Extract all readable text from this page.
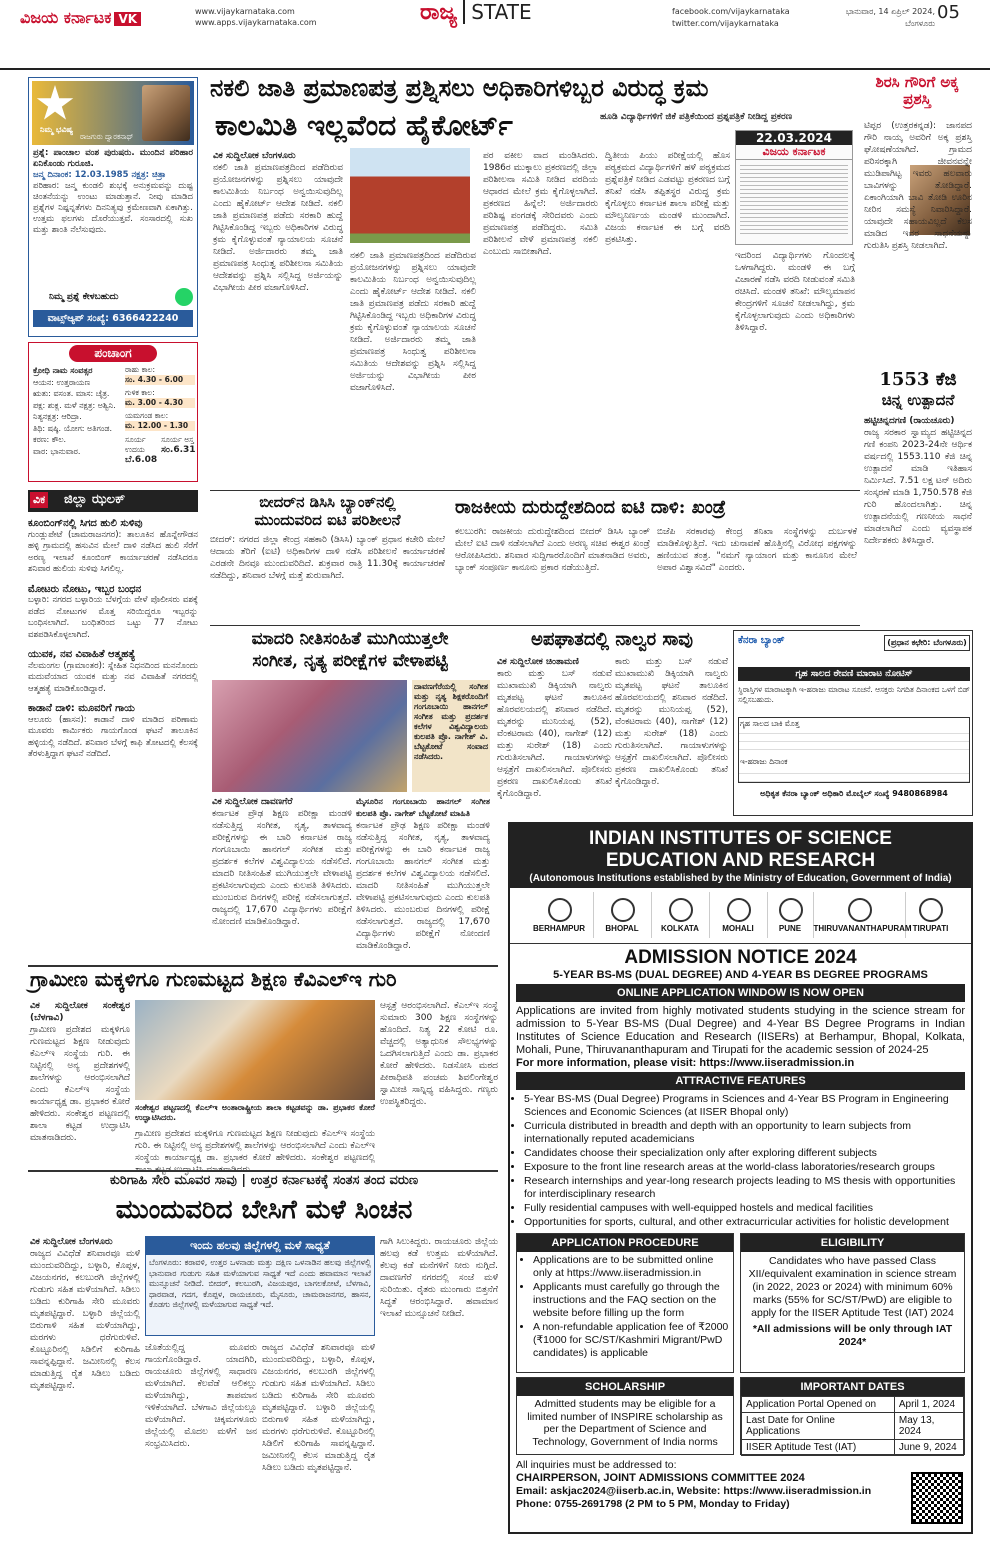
ವಿಜಯ ಕರ್ನಾಟಕ VK
www.vijaykarnataka.com
www.apps.vijaykarnataka.com	ರಾಜ್ಯ STATE	facebook.com/vijaykarnataka
twitter.com/vijaykarnataka
ಭಾನುವಾರ, 14 ಏಪ್ರಿಲ್ 2024,
ಬೆಂಗಳೂರು
05
ನಿಮ್ಮ ಭವಿಷ್ಯ
ರಾಜಗುರು ದ್ವಾರಕನಾಥ್
ಪ್ರಶ್ನೆ: ಪಾಂಚಾಲ ವಂಶ ಪುರುಷರು. ಮುಂದಿನ ಪರಿಹಾರ ಏನಿಕೊಂಡು ಗುರೂಜಿ.
ಜನ್ಮ ದಿನಾಂಕ: 12.03.1985 ನಕ್ಷತ್ರ: ಚಿತ್ರಾ
ಪರಿಹಾರ: ಜನ್ಮ ಕುಂಡಲಿ ಶುಭಕ್ಕೆ ಅನುಕ್ರಮವನ್ನು ದುಷ್ಟ ಚಿಂತನೆಯನ್ನು ಉಂಟು ಮಾಡುತ್ತಾನೆ. ನೀವು ಮಾಡಿದ ಪ್ರಶ್ನೆಗಳ ನಿಷ್ಪನ್ನತೆಗಳು ದಿನನಿತ್ಯವು ಕ್ರಮೇಣವಾಗಿ ಏಕಾಗಿತ್ತು. ಉತ್ತಮ ಫಲಗಳು ದೊರೆಯುತ್ತವೆ. ಸಂಸಾರದಲ್ಲಿ ಸುಖ ಮತ್ತು ಶಾಂತಿ ನೆಲೆಸುವುದು.
ನಿಮ್ಮ ಪ್ರಶ್ನೆ ಕೇಳಬಹುದು
ವಾಟ್ಸ್ಆ್ಯಪ್ ಸಂಖ್ಯೆ: 6366422240
ಪಂಚಾಂಗ
ಕ್ರೋಧಿ ನಾಮ ಸಂವತ್ಸರ
ಆಯನ: ಉತ್ತರಾಯಣ
ಋತು: ವಸಂತ. ಮಾಸ: ಚೈತ್ರ.
ಪಕ್ಷ: ಶುಕ್ಲ. ಮಳೆ ನಕ್ಷತ್ರ: ಅಶ್ವಿನಿ.
ನಿತ್ಯನಕ್ಷತ್ರ: ಆರಿದ್ರಾ.
ತಿಥಿ: ಷಷ್ಠಿ. ಯೋಗ: ಅತಿಗಂಡ.
ಕರಣ: ಕೌಲ.
ವಾರ: ಭಾನುವಾರ.
ರಾಹು ಕಾಲ:
ಸಂ. 4.30 - 6.00
ಗುಳಿಕ ಕಾಲ:
ಮ. 3.00 - 4.30
ಯಮಗಂಡ ಕಾಲ:
ಮ. 12.00 - 1.30
ಸೂರ್ಯ ಉದಯ
ಬೆ.6.08
ಸೂರ್ಯ ಅಸ್ತ
ಸಂ.6.31
ವಿಕ ಜಿಲ್ಲಾ ಝಲಕ್
ಕೂಂಬಿಂಗ್‌ನಲ್ಲಿ ಸಿಗದ ಹುಲಿ ಸುಳಿವು
ಗುಂಡ್ಲುಪೇಟೆ (ಚಾಮರಾಜನಗರ): ತಾಲೂಕಿನ ಹೊನ್ನೇಗೌಡನ ಹಳ್ಳಿ ಗ್ರಾಮದಲ್ಲಿ ಹಸುವಿನ ಮೇಲೆ ದಾಳಿ ನಡೆಸಿದ ಹುಲಿ ಸೆರೆಗೆ ಅರಣ್ಯ ಇಲಾಖೆ ಕೂಂಬಿಂಗ್ ಕಾರ್ಯಾಚರಣೆ ನಡೆಸಿದರೂ ಶನಿವಾರ ಹುಲಿಯ ಸುಳಿವು ಸಿಗಲಿಲ್ಲ.
ಮೋಟರು ನೋಟು, ಇಬ್ಬರ ಬಂಧನ
ಬಳ್ಳಾರಿ: ನಗರದ ಬಳ್ಳಾರಿಯ ಬೆಳಗ್ಗೆಯ ವೇಳೆ ಪೊಲೀಸರು ವಶಕ್ಕೆ ಪಡೆದ ನೋಟುಗಳ ಮೊತ್ತ ಸರಿಯಿದ್ದರೂ ಇಬ್ಬರನ್ನು ಬಂಧಿಸಲಾಗಿದೆ. ಬಂಧಿತರಿಂದ ಒಟ್ಟು 77 ನೋಟು ವಶಪಡಿಸಿಕೊಳ್ಳಲಾಗಿದೆ.
ಯುವಕ, ನವ ವಿವಾಹಿತೆ ಆತ್ಮಹತ್ಯೆ
ನೆಲಮಂಗಲ (ಗ್ರಾಮಾಂತರ): ಸ್ನೇಹಿತ ನಿಧನದಿಂದ ಮನನೊಂದು ಮದುವೆಯಾದ ಯುವಕ ಮತ್ತು ನವ ವಿವಾಹಿತೆ ನಗರದಲ್ಲಿ ಆತ್ಮಹತ್ಯೆ ಮಾಡಿಕೊಂಡಿದ್ದಾರೆ.
ಕಾಡಾನೆ ದಾಳಿ: ಮೂವರಿಗೆ ಗಾಯ
ಆಲೂರು (ಹಾಸನ): ಕಾಡಾನೆ ದಾಳಿ ಮಾಡಿದ ಪರಿಣಾಮ ಮೂವರು ಕಾರ್ಮಿಕರು ಗಾಯಗೊಂಡ ಘಟನೆ ತಾಲೂಕಿನ ಹಳ್ಳಿಯಲ್ಲಿ ನಡೆದಿದೆ. ಶನಿವಾರ ಬೆಳಗ್ಗೆ ಕಾಫಿ ತೋಟದಲ್ಲಿ ಕೆಲಸಕ್ಕೆ ತೆರಳುತ್ತಿದ್ದಾಗ ಘಟನೆ ನಡೆದಿದೆ.
ನಕಲಿ ಜಾತಿ ಪ್ರಮಾಣಪತ್ರ ಪ್ರಶ್ನಿಸಲು ಅಧಿಕಾರಿಗಳಿಬ್ಬರ ವಿರುದ್ಧ ಕ್ರಮ
ಕಾಲಮಿತಿ ಇಲ್ಲವೆಂದ ಹೈಕೋರ್ಟ್	ಹೂಡಿ ವಿದ್ಯಾರ್ಥಿಗಳಿಗೆ ಜಿಕೆ ಪತ್ರಿಕೆಯಿಂದ ಪ್ರಶ್ನಪತ್ರಿಕೆ ನೀಡಿದ್ದ ಪ್ರಕರಣ
ವಿಕ ಸುದ್ದಿಲೋಕ ಬೆಂಗಳೂರು
ನಕಲಿ ಜಾತಿ ಪ್ರಮಾಣಪತ್ರದಿಂದ ಪಡೆದಿರುವ ಪ್ರಯೋಜನಗಳನ್ನು ಪ್ರಶ್ನಿಸಲು ಯಾವುದೇ ಕಾಲಮಿತಿಯ ನಿರ್ಬಂಧ ಅನ್ವಯಿಸುವುದಿಲ್ಲ ಎಂದು ಹೈಕೋರ್ಟ್ ಆದೇಶ ನೀಡಿದೆ. ನಕಲಿ ಜಾತಿ ಪ್ರಮಾಣಪತ್ರ ಪಡೆದು ಸರಕಾರಿ ಹುದ್ದೆ ಗಿಟ್ಟಿಸಿಕೊಂಡಿದ್ದ ಇಬ್ಬರು ಅಧಿಕಾರಿಗಳ ವಿರುದ್ಧ ಕ್ರಮ ಕೈಗೊಳ್ಳುವಂತೆ ನ್ಯಾಯಾಲಯ ಸೂಚನೆ ನೀಡಿದೆ. ಅರ್ಜಿದಾರರು ತಮ್ಮ ಜಾತಿ ಪ್ರಮಾಣಪತ್ರ ಸಿಂಧುತ್ವ ಪರಿಶೀಲನಾ ಸಮಿತಿಯ ಆದೇಶವನ್ನು ಪ್ರಶ್ನಿಸಿ ಸಲ್ಲಿಸಿದ್ದ ಅರ್ಜಿಯನ್ನು ವಿಭಾಗೀಯ ಪೀಠ ವಜಾಗೊಳಿಸಿದೆ.
ನಕಲಿ ಜಾತಿ ಪ್ರಮಾಣಪತ್ರದಿಂದ ಪಡೆದಿರುವ ಪ್ರಯೋಜನಗಳನ್ನು ಪ್ರಶ್ನಿಸಲು ಯಾವುದೇ ಕಾಲಮಿತಿಯ ನಿರ್ಬಂಧ ಅನ್ವಯಿಸುವುದಿಲ್ಲ ಎಂದು ಹೈಕೋರ್ಟ್ ಆದೇಶ ನೀಡಿದೆ. ನಕಲಿ ಜಾತಿ ಪ್ರಮಾಣಪತ್ರ ಪಡೆದು ಸರಕಾರಿ ಹುದ್ದೆ ಗಿಟ್ಟಿಸಿಕೊಂಡಿದ್ದ ಇಬ್ಬರು ಅಧಿಕಾರಿಗಳ ವಿರುದ್ಧ ಕ್ರಮ ಕೈಗೊಳ್ಳುವಂತೆ ನ್ಯಾಯಾಲಯ ಸೂಚನೆ ನೀಡಿದೆ. ಅರ್ಜಿದಾರರು ತಮ್ಮ ಜಾತಿ ಪ್ರಮಾಣಪತ್ರ ಸಿಂಧುತ್ವ ಪರಿಶೀಲನಾ ಸಮಿತಿಯ ಆದೇಶವನ್ನು ಪ್ರಶ್ನಿಸಿ ಸಲ್ಲಿಸಿದ್ದ ಅರ್ಜಿಯನ್ನು ವಿಭಾಗೀಯ ಪೀಠ ವಜಾಗೊಳಿಸಿದೆ.
ಪರ ವಕೀಲ ವಾದ ಮಂಡಿಸಿದರು. 1986ರ ಮುಕ್ಕಾಲು ಪ್ರಕರಣದಲ್ಲಿ ಜಿಲ್ಲಾ ಪರಿಶೀಲನಾ ಸಮಿತಿ ನೀಡಿದ ವರದಿಯ ಆಧಾರದ ಮೇಲೆ ಕ್ರಮ ಕೈಗೊಳ್ಳಲಾಗಿದೆ. ಪ್ರಕರಣದ ಹಿನ್ನೆಲೆ: ಅರ್ಜಿದಾರರು ಪರಿಶಿಷ್ಟ ಪಂಗಡಕ್ಕೆ ಸೇರಿದವರು ಎಂದು ಪ್ರಮಾಣಪತ್ರ ಪಡೆದಿದ್ದರು. ಸಮಿತಿ ಪರಿಶೀಲನೆ ವೇಳೆ ಪ್ರಮಾಣಪತ್ರ ನಕಲಿ ಎಂಬುದು ಸಾಬೀತಾಗಿದೆ.
ದ್ವಿತೀಯ ಪಿಯು ಪರೀಕ್ಷೆಯಲ್ಲಿ ಹೊಸ ಪಠ್ಯಕ್ರಮದ ವಿದ್ಯಾರ್ಥಿಗಳಿಗೆ ಹಳೆ ಪಠ್ಯಕ್ರಮದ ಪ್ರಶ್ನೆಪತ್ರಿಕೆ ನೀಡಿದ ಎಡವಟ್ಟು ಪ್ರಕರಣದ ಬಗ್ಗೆ ತನಿಖೆ ನಡೆಸಿ ತಪ್ಪಿತಸ್ಥರ ವಿರುದ್ಧ ಕ್ರಮ ಕೈಗೊಳ್ಳಲು ಕರ್ನಾಟಕ ಶಾಲಾ ಪರೀಕ್ಷೆ ಮತ್ತು ಮೌಲ್ಯನಿರ್ಣಯ ಮಂಡಳಿ ಮುಂದಾಗಿದೆ. ವಿಜಯ ಕರ್ನಾಟಕ ಈ ಬಗ್ಗೆ ವರದಿ ಪ್ರಕಟಿಸಿತ್ತು.
22.03.2024
ವಿಜಯ ಕರ್ನಾಟಕ
ಇದರಿಂದ ವಿದ್ಯಾರ್ಥಿಗಳು ಗೊಂದಲಕ್ಕೆ ಒಳಗಾಗಿದ್ದರು. ಮಂಡಳಿ ಈ ಬಗ್ಗೆ ವಿಚಾರಣೆ ನಡೆಸಿ ವರದಿ ನೀಡುವಂತೆ ಸಮಿತಿ ರಚಿಸಿದೆ. ಮಂಡಳಿ ತನಿಖೆ: ಮೌಲ್ಯಮಾಪನ ಕೇಂದ್ರಗಳಿಗೆ ಸೂಚನೆ ನೀಡಲಾಗಿದ್ದು, ಕ್ರಮ ಕೈಗೊಳ್ಳಲಾಗುವುದು ಎಂದು ಅಧಿಕಾರಿಗಳು ತಿಳಿಸಿದ್ದಾರೆ.
ಶಿರಸಿ ಗೌರಿಗೆ ಅಕ್ಕ ಪ್ರಶಸ್ತಿ
ಟಿಪ್ಪರ (ಉತ್ತರಕನ್ನಡ): ಜಾನಪದ ಗೌರಿ ನಾಯ್ಕ ಅವರಿಗೆ ಅಕ್ಕ ಪ್ರಶಸ್ತಿ ಘೋಷಣೆಯಾಗಿದೆ. ಗ್ರಾಮದ ಪರಿಸರಕ್ಕಾಗಿ ಜೀವನವನ್ನೇ ಮುಡಿಪಾಗಿಟ್ಟ ಇವರು ಹಲವಾರು ಬಾವಿಗಳನ್ನು ತೋಡಿದ್ದಾರೆ. ಏಕಾಂಗಿಯಾಗಿ ಬಾವಿ ತೋಡಿ ಊರಿನ ನೀರಿನ ಸಮಸ್ಯೆ ನಿವಾರಿಸಿದ್ದಾರೆ. ಯಾವುದೇ ಸಹಾಯವಿಲ್ಲದೆ ಕೆಲಸ ಮಾಡಿದ ಇವರ ಸಾಧನೆಯನ್ನು ಗುರುತಿಸಿ ಪ್ರಶಸ್ತಿ ನೀಡಲಾಗಿದೆ.
1553 ಕೆಜಿ
ಚಿನ್ನ ಉತ್ಪಾದನೆ
ಹಟ್ಟಿಚಿನ್ನದಗಣಿ (ರಾಯಚೂರು)
ರಾಜ್ಯ ಸರಕಾರ ಸ್ವಾಮ್ಯದ ಹಟ್ಟಿಚಿನ್ನದ ಗಣಿ ಕಂಪನಿ 2023-24ನೇ ಆರ್ಥಿಕ ವರ್ಷದಲ್ಲಿ 1553.110 ಕೆಜಿ ಚಿನ್ನ ಉತ್ಪಾದನೆ ಮಾಡಿ ಇತಿಹಾಸ ನಿರ್ಮಿಸಿದೆ. 7.51 ಲಕ್ಷ ಟನ್ ಅದಿರು ಸಂಸ್ಕರಣೆ ಮಾಡಿ 1,750.578 ಕೆಜಿ ಗುರಿ ಹೊಂದಲಾಗಿತ್ತು. ಚಿನ್ನ ಉತ್ಪಾದನೆಯಲ್ಲಿ ಗಣನೀಯ ಸಾಧನೆ ಮಾಡಲಾಗಿದೆ ಎಂದು ವ್ಯವಸ್ಥಾಪಕ ನಿರ್ದೇಶಕರು ತಿಳಿಸಿದ್ದಾರೆ.
ಬೀದರ್‌ನ ಡಿಸಿಸಿ ಬ್ಯಾಂಕ್‌ನಲ್ಲಿ
ಮುಂದುವರಿದ ಐಟಿ ಪರಿಶೀಲನೆ
ಬೀದರ್: ನಗರದ ಜಿಲ್ಲಾ ಕೇಂದ್ರ ಸಹಕಾರಿ (ಡಿಸಿಸಿ) ಬ್ಯಾಂಕ್ ಪ್ರಧಾನ ಕಚೇರಿ ಮೇಲೆ ಆದಾಯ ತೆರಿಗೆ (ಐಟಿ) ಅಧಿಕಾರಿಗಳ ದಾಳಿ ನಡೆಸಿ ಪರಿಶೀಲನೆ ಕಾರ್ಯಾಚರಣೆ ಎರಡನೇ ದಿನವೂ ಮುಂದುವರಿದಿದೆ. ಶುಕ್ರವಾರ ರಾತ್ರಿ 11.30ಕ್ಕೆ ಕಾರ್ಯಾಚರಣೆ ನಡೆದಿದ್ದು, ಶನಿವಾರ ಬೆಳಗ್ಗೆ ಮತ್ತೆ ಶುರುವಾಗಿದೆ.
ರಾಜಕೀಯ ದುರುದ್ದೇಶದಿಂದ ಐಟಿ ದಾಳಿ: ಖಂಡ್ರೆ
ಕಲಬುರಗಿ: ರಾಜಕೀಯ ದುರುದ್ದೇಶದಿಂದ ಬೀದರ್ ಡಿಸಿಸಿ ಬ್ಯಾಂಕ್ ಮೇಲೆ ಐಟಿ ದಾಳಿ ನಡೆಸಲಾಗಿದೆ ಎಂದು ಅರಣ್ಯ ಸಚಿವ ಈಶ್ವರ ಖಂಡ್ರೆ ಆರೋಪಿಸಿದರು. ಶನಿವಾರ ಸುದ್ದಿಗಾರರೊಂದಿಗೆ ಮಾತನಾಡಿದ ಅವರು, ಬ್ಯಾಂಕ್ ಸಂಪೂರ್ಣ ಕಾನೂನು ಪ್ರಕಾರ ನಡೆಯುತ್ತಿದೆ.
ಬಿಜೆಪಿ ಸರಕಾರವು ಕೇಂದ್ರ ತನಿಖಾ ಸಂಸ್ಥೆಗಳನ್ನು ದುರ್ಬಳಕೆ ಮಾಡಿಕೊಳ್ಳುತ್ತಿದೆ. ಇದು ಚುನಾವಣೆ ಹೊತ್ತಿನಲ್ಲಿ ವಿರೋಧ ಪಕ್ಷಗಳನ್ನು ಹಣಿಯುವ ತಂತ್ರ. "ನಮಗೆ ನ್ಯಾಯಾಂಗ ಮತ್ತು ಕಾನೂನಿನ ಮೇಲೆ ಅಪಾರ ವಿಶ್ವಾಸವಿದೆ" ಎಂದರು.
ಮಾದರಿ ನೀತಿಸಂಹಿತೆ ಮುಗಿಯುತ್ತಲೇ
ಸಂಗೀತ, ನೃತ್ಯ ಪರೀಕ್ಷೆಗಳ ವೇಳಾಪಟ್ಟಿ
ದಾವಣಗೆರೆಯಲ್ಲಿ ಸಂಗೀತ ಮತ್ತು ನೃತ್ಯ ಶಿಕ್ಷಕರೊಂದಿಗೆ ಗಂಗೂಬಾಯಿ ಹಾನಗಲ್ ಸಂಗೀತ ಮತ್ತು ಪ್ರದರ್ಶಕ ಕಲೆಗಳ ವಿಶ್ವವಿದ್ಯಾಲಯ ಕುಲಪತಿ ಪ್ರೊ. ನಾಗೇಶ್ ವಿ. ಬೆಟ್ಟಕೋಟೆ ಸಂವಾದ ನಡೆಸಿದರು.
ವಿಕ ಸುದ್ದಿಲೋಕ ದಾವಣಗೆರೆ
ಕರ್ನಾಟಕ ಪ್ರೌಢ ಶಿಕ್ಷಣ ಪರೀಕ್ಷಾ ಮಂಡಳಿ ನಡೆಸುತ್ತಿದ್ದ ಸಂಗೀತ, ನೃತ್ಯ, ತಾಳವಾದ್ಯ ಪರೀಕ್ಷೆಗಳನ್ನು ಈ ಬಾರಿ ಕರ್ನಾಟಕ ರಾಜ್ಯ ಗಂಗೂಬಾಯಿ ಹಾನಗಲ್ ಸಂಗೀತ ಮತ್ತು ಪ್ರದರ್ಶಕ ಕಲೆಗಳ ವಿಶ್ವವಿದ್ಯಾಲಯ ನಡೆಸಲಿದೆ. ಮಾದರಿ ನೀತಿಸಂಹಿತೆ ಮುಗಿಯುತ್ತಲೇ ವೇಳಾಪಟ್ಟಿ ಪ್ರಕಟಿಸಲಾಗುವುದು ಎಂದು ಕುಲಪತಿ ತಿಳಿಸಿದರು. ಮುಂಬರುವ ದಿನಗಳಲ್ಲಿ ಪರೀಕ್ಷೆ ನಡೆಸಲಾಗುತ್ತದೆ. ರಾಜ್ಯದಲ್ಲಿ 17,670 ವಿದ್ಯಾರ್ಥಿಗಳು ಪರೀಕ್ಷೆಗೆ ನೋಂದಣಿ ಮಾಡಿಕೊಂಡಿದ್ದಾರೆ.
ಮೈಸೂರಿನ ಗಂಗೂಬಾಯಿ ಹಾನಗಲ್ ಸಂಗೀತ ಕುಲಪತಿ ಪ್ರೊ. ನಾಗೇಶ್ ಬೆಟ್ಟಕೋಟೆ ಮಾಹಿತಿ
ಕರ್ನಾಟಕ ಪ್ರೌಢ ಶಿಕ್ಷಣ ಪರೀಕ್ಷಾ ಮಂಡಳಿ ನಡೆಸುತ್ತಿದ್ದ ಸಂಗೀತ, ನೃತ್ಯ, ತಾಳವಾದ್ಯ ಪರೀಕ್ಷೆಗಳನ್ನು ಈ ಬಾರಿ ಕರ್ನಾಟಕ ರಾಜ್ಯ ಗಂಗೂಬಾಯಿ ಹಾನಗಲ್ ಸಂಗೀತ ಮತ್ತು ಪ್ರದರ್ಶಕ ಕಲೆಗಳ ವಿಶ್ವವಿದ್ಯಾಲಯ ನಡೆಸಲಿದೆ. ಮಾದರಿ ನೀತಿಸಂಹಿತೆ ಮುಗಿಯುತ್ತಲೇ ವೇಳಾಪಟ್ಟಿ ಪ್ರಕಟಿಸಲಾಗುವುದು ಎಂದು ಕುಲಪತಿ ತಿಳಿಸಿದರು. ಮುಂಬರುವ ದಿನಗಳಲ್ಲಿ ಪರೀಕ್ಷೆ ನಡೆಸಲಾಗುತ್ತದೆ. ರಾಜ್ಯದಲ್ಲಿ 17,670 ವಿದ್ಯಾರ್ಥಿಗಳು ಪರೀಕ್ಷೆಗೆ ನೋಂದಣಿ ಮಾಡಿಕೊಂಡಿದ್ದಾರೆ.
ಅಪಘಾತದಲ್ಲಿ ನಾಲ್ವರ ಸಾವು
ವಿಕ ಸುದ್ದಿಲೋಕ ಚಿಂತಾಮಣಿ
ಕಾರು ಮತ್ತು ಬಸ್ ನಡುವೆ ಮುಖಾಮುಖಿ ಡಿಕ್ಕಿಯಾಗಿ ನಾಲ್ವರು ಮೃತಪಟ್ಟ ಘಟನೆ ತಾಲೂಕಿನ ಹೊರವಲಯದಲ್ಲಿ ಶನಿವಾರ ನಡೆದಿದೆ. ಮೃತರನ್ನು ಮುನಿಯಪ್ಪ (52), ವೆಂಕಟರಾಮ (40), ನಾಗೇಶ್ (12) ಮತ್ತು ಸುರೇಶ್ (18) ಎಂದು ಗುರುತಿಸಲಾಗಿದೆ. ಗಾಯಾಳುಗಳನ್ನು ಆಸ್ಪತ್ರೆಗೆ ದಾಖಲಿಸಲಾಗಿದೆ. ಪೊಲೀಸರು ಪ್ರಕರಣ ದಾಖಲಿಸಿಕೊಂಡು ತನಿಖೆ ಕೈಗೊಂಡಿದ್ದಾರೆ.
ಕಾರು ಮತ್ತು ಬಸ್ ನಡುವೆ ಮುಖಾಮುಖಿ ಡಿಕ್ಕಿಯಾಗಿ ನಾಲ್ವರು ಮೃತಪಟ್ಟ ಘಟನೆ ತಾಲೂಕಿನ ಹೊರವಲಯದಲ್ಲಿ ಶನಿವಾರ ನಡೆದಿದೆ. ಮೃತರನ್ನು ಮುನಿಯಪ್ಪ (52), ವೆಂಕಟರಾಮ (40), ನಾಗೇಶ್ (12) ಮತ್ತು ಸುರೇಶ್ (18) ಎಂದು ಗುರುತಿಸಲಾಗಿದೆ. ಗಾಯಾಳುಗಳನ್ನು ಆಸ್ಪತ್ರೆಗೆ ದಾಖಲಿಸಲಾಗಿದೆ. ಪೊಲೀಸರು ಪ್ರಕರಣ ದಾಖಲಿಸಿಕೊಂಡು ತನಿಖೆ ಕೈಗೊಂಡಿದ್ದಾರೆ.
ಕೆನರಾ ಬ್ಯಾಂಕ್	(ಪ್ರಧಾನ ಕಛೇರಿ: ಬೆಂಗಳೂರು)
ಗೃಹ ಸಾಲದ ಠೇವಣಿ ಮಾರಾಟ ನೋಟಿಸ್
ಸ್ಥಿರಾಸ್ತಿಗಳ ಮಾರಾಟಕ್ಕಾಗಿ ಇ-ಹರಾಜು ಮಾರಾಟ ಸೂಚನೆ. ಆಸಕ್ತರು ನಿಗದಿತ ದಿನಾಂಕದ ಒಳಗೆ ಬಿಡ್ ಸಲ್ಲಿಸಬಹುದು.
ಗೃಹ ಸಾಲದ ಬಾಕಿ ಮೊತ್ತ
ಇ-ಹರಾಜು ದಿನಾಂಕ
ಅಧಿಕೃತ ಕೆನರಾ ಬ್ಯಾಂಕ್ ಅಧಿಕಾರಿ ಮೊಬೈಲ್ ಸಂಖ್ಯೆ 9480868984
ಗ್ರಾಮೀಣ ಮಕ್ಕಳಿಗೂ ಗುಣಮಟ್ಟದ ಶಿಕ್ಷಣ ಕೆವಿಎಲ್‌ಇ ಗುರಿ
ವಿಕ ಸುದ್ದಿಲೋಕ ಸಂಕೇಶ್ವರ (ಬೆಳಗಾವಿ)
ಗ್ರಾಮೀಣ ಪ್ರದೇಶದ ಮಕ್ಕಳಿಗೂ ಗುಣಮಟ್ಟದ ಶಿಕ್ಷಣ ನೀಡುವುದು ಕೆಎಲ್‌ಇ ಸಂಸ್ಥೆಯ ಗುರಿ. ಈ ನಿಟ್ಟಿನಲ್ಲಿ ಅನ್ಯ ಪ್ರದೇಶಗಳಲ್ಲಿ ಶಾಲೆಗಳನ್ನು ಆರಂಭಿಸಲಾಗಿದೆ ಎಂದು ಕೆಎಲ್‌ಇ ಸಂಸ್ಥೆಯ ಕಾರ್ಯಾಧ್ಯಕ್ಷ ಡಾ. ಪ್ರಭಾಕರ ಕೋರೆ ಹೇಳಿದರು. ಸಂಕೇಶ್ವರ ಪಟ್ಟಣದಲ್ಲಿ ಶಾಲಾ ಕಟ್ಟಡ ಉದ್ಘಾಟಿಸಿ ಮಾತನಾಡಿದರು.
ಸಂಕೇಶ್ವರ ಪಟ್ಟಣದಲ್ಲಿ ಕೆಎಲ್‌ಇ ಅಂತಾರಾಷ್ಟ್ರೀಯ ಶಾಲಾ ಕಟ್ಟಡವನ್ನು ಡಾ. ಪ್ರಭಾಕರ ಕೋರೆ ಉದ್ಘಾಟಿಸಿದರು.
ಗ್ರಾಮೀಣ ಪ್ರದೇಶದ ಮಕ್ಕಳಿಗೂ ಗುಣಮಟ್ಟದ ಶಿಕ್ಷಣ ನೀಡುವುದು ಕೆಎಲ್‌ಇ ಸಂಸ್ಥೆಯ ಗುರಿ. ಈ ನಿಟ್ಟಿನಲ್ಲಿ ಅನ್ಯ ಪ್ರದೇಶಗಳಲ್ಲಿ ಶಾಲೆಗಳನ್ನು ಆರಂಭಿಸಲಾಗಿದೆ ಎಂದು ಕೆಎಲ್‌ಇ ಸಂಸ್ಥೆಯ ಕಾರ್ಯಾಧ್ಯಕ್ಷ ಡಾ. ಪ್ರಭಾಕರ ಕೋರೆ ಹೇಳಿದರು. ಸಂಕೇಶ್ವರ ಪಟ್ಟಣದಲ್ಲಿ ಶಾಲಾ ಕಟ್ಟಡ ಉದ್ಘಾಟಿಸಿ ಮಾತನಾಡಿದರು.
ಆಸ್ಪತ್ರೆ ಆರಂಭಿಸಲಾಗಿದೆ. ಕೆಎಲ್‌ಇ ಸಂಸ್ಥೆ ಸುಮಾರು 300 ಶಿಕ್ಷಣ ಸಂಸ್ಥೆಗಳನ್ನು ಹೊಂದಿದೆ. ನಿತ್ಯ 22 ಕೋಟಿ ರೂ. ವೆಚ್ಚದಲ್ಲಿ ಅತ್ಯಾಧುನಿಕ ಸೌಲಭ್ಯಗಳನ್ನು ಒದಗಿಸಲಾಗುತ್ತಿದೆ ಎಂದು ಡಾ. ಪ್ರಭಾಕರ ಕೋರೆ ಹೇಳಿದರು. ನಿಡಸೋಸಿ ಮಠದ ಪೀಠಾಧಿಪತಿ ಪಂಚಮ ಶಿವಲಿಂಗೇಶ್ವರ ಸ್ವಾಮೀಜಿ ಸಾನ್ನಿಧ್ಯ ವಹಿಸಿದ್ದರು. ಗಣ್ಯರು ಉಪಸ್ಥಿತರಿದ್ದರು.
ಕುರಿಗಾಹಿ ಸೇರಿ ಮೂವರ ಸಾವು | ಉತ್ತರ ಕರ್ನಾಟಕಕ್ಕೆ ಸಂತಸ ತಂದ ವರುಣ
ಮುಂದುವರಿದ ಬೇಸಿಗೆ ಮಳೆ ಸಿಂಚನ
ವಿಕ ಸುದ್ದಿಲೋಕ ಬೆಂಗಳೂರು
ರಾಜ್ಯದ ವಿವಿಧೆಡೆ ಶನಿವಾರವೂ ಮಳೆ ಮುಂದುವರಿದಿದ್ದು, ಬಳ್ಳಾರಿ, ಕೊಪ್ಪಳ, ವಿಜಯನಗರ, ಕಲಬುರಗಿ ಜಿಲ್ಲೆಗಳಲ್ಲಿ ಗುಡುಗು ಸಹಿತ ಮಳೆಯಾಗಿದೆ. ಸಿಡಿಲು ಬಡಿದು ಕುರಿಗಾಹಿ ಸೇರಿ ಮೂವರು ಮೃತಪಟ್ಟಿದ್ದಾರೆ. ಬಳ್ಳಾರಿ ಜಿಲ್ಲೆಯಲ್ಲಿ ಬಿರುಗಾಳಿ ಸಹಿತ ಮಳೆಯಾಗಿದ್ದು, ಮರಗಳು ಧರೆಗುರುಳಿವೆ. ಕೊಟ್ಟೂರಿನಲ್ಲಿ ಸಿಡಿಲಿಗೆ ಕುರಿಗಾಹಿ ಸಾವನ್ನಪ್ಪಿದ್ದಾನೆ. ಜಮೀನಿನಲ್ಲಿ ಕೆಲಸ ಮಾಡುತ್ತಿದ್ದ ರೈತ ಸಿಡಿಲು ಬಡಿದು ಮೃತಪಟ್ಟಿದ್ದಾನೆ.
ಇಂದು ಹಲವು ಜಿಲ್ಲೆಗಳಲ್ಲಿ ಮಳೆ ಸಾಧ್ಯತೆ
ಬೆಂಗಳೂರು: ಕರಾವಳಿ, ಉತ್ತರ ಒಳನಾಡು ಮತ್ತು ದಕ್ಷಿಣ ಒಳನಾಡಿನ ಹಲವು ಜಿಲ್ಲೆಗಳಲ್ಲಿ ಭಾನುವಾರ ಗುಡುಗು ಸಹಿತ ಮಳೆಯಾಗುವ ಸಾಧ್ಯತೆ ಇದೆ ಎಂದು ಹವಾಮಾನ ಇಲಾಖೆ ಮುನ್ಸೂಚನೆ ನೀಡಿದೆ. ಬೀದರ್, ಕಲಬುರಗಿ, ವಿಜಯಪುರ, ಬಾಗಲಕೋಟೆ, ಬೆಳಗಾವಿ, ಧಾರವಾಡ, ಗದಗ, ಕೊಪ್ಪಳ, ರಾಯಚೂರು, ಮೈಸೂರು, ಚಾಮರಾಜನಗರ, ಹಾಸನ, ಕೊಡಗು ಜಿಲ್ಲೆಗಳಲ್ಲಿ ಮಳೆಯಾಗುವ ಸಾಧ್ಯತೆ ಇದೆ.
ಜೊತೆಯಲ್ಲಿದ್ದ ಮೂವರು ಗಾಯಗೊಂಡಿದ್ದಾರೆ. ಯಾದಗಿರಿ, ರಾಯಚೂರು ಜಿಲ್ಲೆಗಳಲ್ಲಿ ಸಾಧಾರಣ ಮಳೆಯಾಗಿದೆ. ಕೆಲವೆಡೆ ಆಲಿಕಲ್ಲು ಮಳೆಯಾಗಿದ್ದು, ತಾಪಮಾನ ಇಳಿಕೆಯಾಗಿದೆ. ಬೆಳಗಾವಿ ಜಿಲ್ಲೆಯಲ್ಲೂ ಮಳೆಯಾಗಿದೆ. ಚಿಕ್ಕಮಗಳೂರು ಜಿಲ್ಲೆಯಲ್ಲಿ ಮೊದಲ ಮಳೆಗೆ ಜನ ಸಂಭ್ರಮಿಸಿದರು.
ರಾಜ್ಯದ ವಿವಿಧೆಡೆ ಶನಿವಾರವೂ ಮಳೆ ಮುಂದುವರಿದಿದ್ದು, ಬಳ್ಳಾರಿ, ಕೊಪ್ಪಳ, ವಿಜಯನಗರ, ಕಲಬುರಗಿ ಜಿಲ್ಲೆಗಳಲ್ಲಿ ಗುಡುಗು ಸಹಿತ ಮಳೆಯಾಗಿದೆ. ಸಿಡಿಲು ಬಡಿದು ಕುರಿಗಾಹಿ ಸೇರಿ ಮೂವರು ಮೃತಪಟ್ಟಿದ್ದಾರೆ. ಬಳ್ಳಾರಿ ಜಿಲ್ಲೆಯಲ್ಲಿ ಬಿರುಗಾಳಿ ಸಹಿತ ಮಳೆಯಾಗಿದ್ದು, ಮರಗಳು ಧರೆಗುರುಳಿವೆ. ಕೊಟ್ಟೂರಿನಲ್ಲಿ ಸಿಡಿಲಿಗೆ ಕುರಿಗಾಹಿ ಸಾವನ್ನಪ್ಪಿದ್ದಾನೆ. ಜಮೀನಿನಲ್ಲಿ ಕೆಲಸ ಮಾಡುತ್ತಿದ್ದ ರೈತ ಸಿಡಿಲು ಬಡಿದು ಮೃತಪಟ್ಟಿದ್ದಾನೆ.
ಗಾಗಿ ಸಿಲುಕಿದ್ದರು. ರಾಯಚೂರು ಜಿಲ್ಲೆಯ ಹಲವು ಕಡೆ ಉತ್ತಮ ಮಳೆಯಾಗಿದೆ. ಕೆಲವು ಕಡೆ ಮನೆಗಳಿಗೆ ನೀರು ನುಗ್ಗಿದೆ. ದಾವಣಗೆರೆ ನಗರದಲ್ಲಿ ಸಂಜೆ ಮಳೆ ಸುರಿಯಿತು. ರೈತರು ಮುಂಗಾರು ಬಿತ್ತನೆಗೆ ಸಿದ್ಧತೆ ಆರಂಭಿಸಿದ್ದಾರೆ. ಹವಾಮಾನ ಇಲಾಖೆ ಮುನ್ಸೂಚನೆ ನೀಡಿದೆ.
INDIAN INSTITUTES OF SCIENCE
EDUCATION AND RESEARCH
(Autonomous Institutions established by the Ministry of Education, Government of India)
BERHAMPUR	BHOPAL	KOLKATA	MOHALI	PUNE	THIRUVANANTHAPURAM TIRUPATI
ADMISSION NOTICE 2024
5-YEAR BS-MS (DUAL DEGREE) AND 4-YEAR BS DEGREE PROGRAMS
ONLINE APPLICATION WINDOW IS NOW OPEN
Applications are invited from highly motivated students studying in the science stream for admission to 5-Year BS-MS (Dual Degree) and 4-Year BS Degree Programs in Indian Institutes of Science Education and Research (IISERs) at Berhampur, Bhopal, Kolkata, Mohali, Pune, Thiruvananthapuram and Tirupati for the academic session of 2024-25
For more information, please visit: https://www.iiseradmission.in
ATTRACTIVE FEATURES
• 5-Year BS-MS (Dual Degree) Programs in Sciences and 4-Year BS Program in Engineering Sciences and Economic Sciences (at IISER Bhopal only)
• Curricula distributed in breadth and depth with an opportunity to learn subjects from internationally reputed academicians
• Candidates choose their specialization only after exploring different subjects
• Exposure to the front line research areas at the world-class laboratories/research groups
• Research internships and year-long research projects leading to MS thesis with opportunities for interdisciplinary research
• Fully residential campuses with well-equipped hostels and medical facilities
• Opportunities for sports, cultural, and other extracurricular activities for holistic development
APPLICATION PROCEDURE
• Applications are to be submitted online only at https://www.iiseradmission.in
• Applicants must carefully go through the instructions and the FAQ section on the website before filling up the form
• A non-refundable application fee of ₹2000 (₹1000 for SC/ST/Kashmiri Migrant/PwD candidates) is applicable
ELIGIBILITY
Candidates who have passed Class XII/equivalent examination in science stream (in 2022, 2023 or 2024) with minimum 60% marks (55% for SC/ST/PwD) are eligible to apply for the IISER Aptitude Test (IAT) 2024
*All admissions will be only through IAT 2024*
SCHOLARSHIP
Admitted students may be eligible for a limited number of INSPIRE scholarship as per the Department of Science and Technology, Government of India norms
IMPORTANT DATES
Application Portal Opened on	April 1, 2024
Last Date for Online Applications	May 13, 2024
IISER Aptitude Test (IAT)	June 9, 2024
All inquiries must be addressed to:
CHAIRPERSON, JOINT ADMISSIONS COMMITTEE 2024
Email: askjac2024@iiserb.ac.in, Website: https://www.iiseradmission.in
Phone: 0755-2691798 (2 PM to 5 PM, Monday to Friday)
